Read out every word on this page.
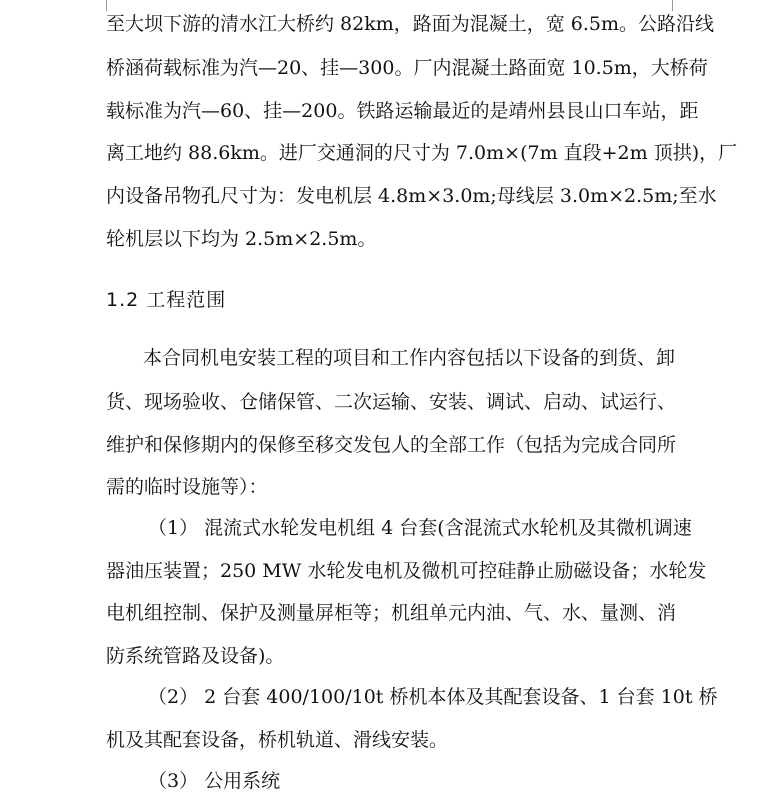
至大坝下游的清水江大桥约 82km，路面为混凝土，宽 6.5m。公路沿线
桥涵荷载标准为汽—20、挂—300。厂内混凝土路面宽 10.5m，大桥荷
载标准为汽—60、挂—200。铁路运输最近的是靖州县艮山口车站，距
离工地约 88.6km。进厂交通洞的尺寸为 7.0m×(7m 直段+2m 顶拱)，厂
内设备吊物孔尺寸为：发电机层 4.8m×3.0m;母线层 3.0m×2.5m;至水
轮机层以下均为 2.5m×2.5m。
1.2 工程范围
本合同机电安装工程的项目和工作内容包括以下设备的到货、卸
货、现场验收、仓储保管、二次运输、安装、调试、启动、试运行、
维护和保修期内的保修至移交发包人的全部工作（包括为完成合同所
需的临时设施等）：
（1） 混流式水轮发电机组 4 台套(含混流式水轮机及其微机调速
器油压装置；250 MW 水轮发电机及微机可控硅静止励磁设备；水轮发
电机组控制、保护及测量屏柜等；机组单元内油、气、水、量测、消
防系统管路及设备)。
（2） 2 台套 400/100/10t 桥机本体及其配套设备、1 台套 10t 桥
机及其配套设备，桥机轨道、滑线安装。
（3） 公用系统
